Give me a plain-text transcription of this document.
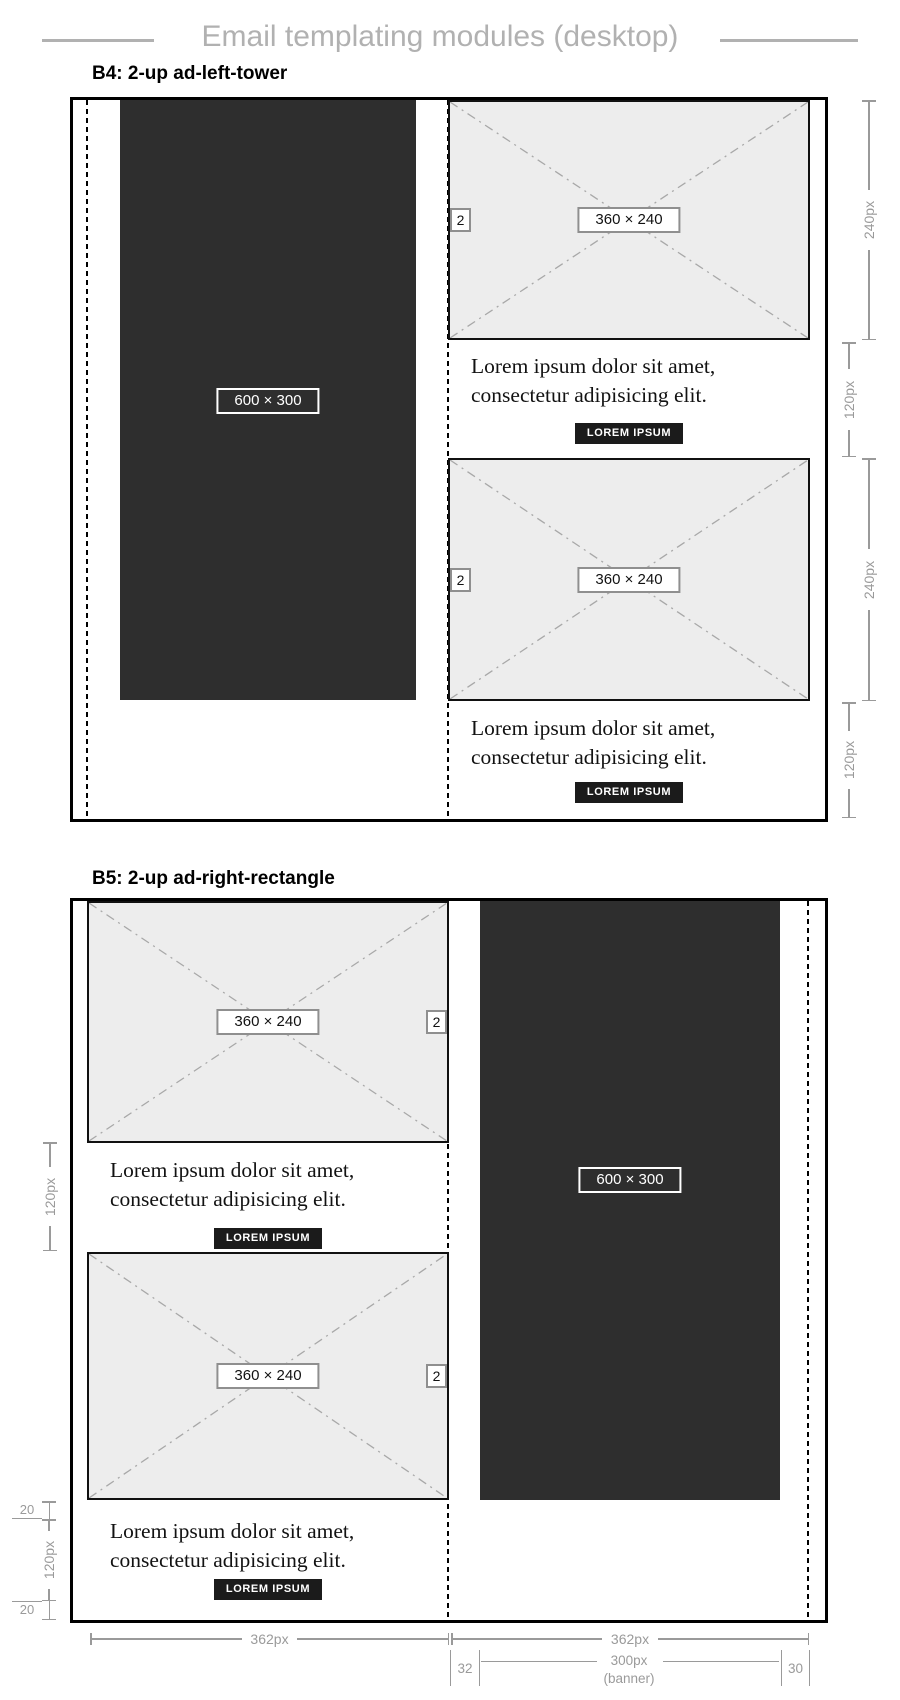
Email templating modules (desktop)
B4: 2-up ad-left-tower
600 × 300
2	360 × 240
Lorem ipsum dolor sit amet,
consectetur adipisicing elit.
LOREM IPSUM
2	360 × 240
Lorem ipsum dolor sit amet,
consectetur adipisicing elit.
LOREM IPSUM
240px
120px
240px
120px
B5: 2-up ad-right-rectangle
2
360 × 240
Lorem ipsum dolor sit amet,
consectetur adipisicing elit.
LOREM IPSUM
2
360 × 240
Lorem ipsum dolor sit amet,
consectetur adipisicing elit.
LOREM IPSUM
600 × 300
120px
20
120px
20
362px	362px
32
300px
(banner)
30
